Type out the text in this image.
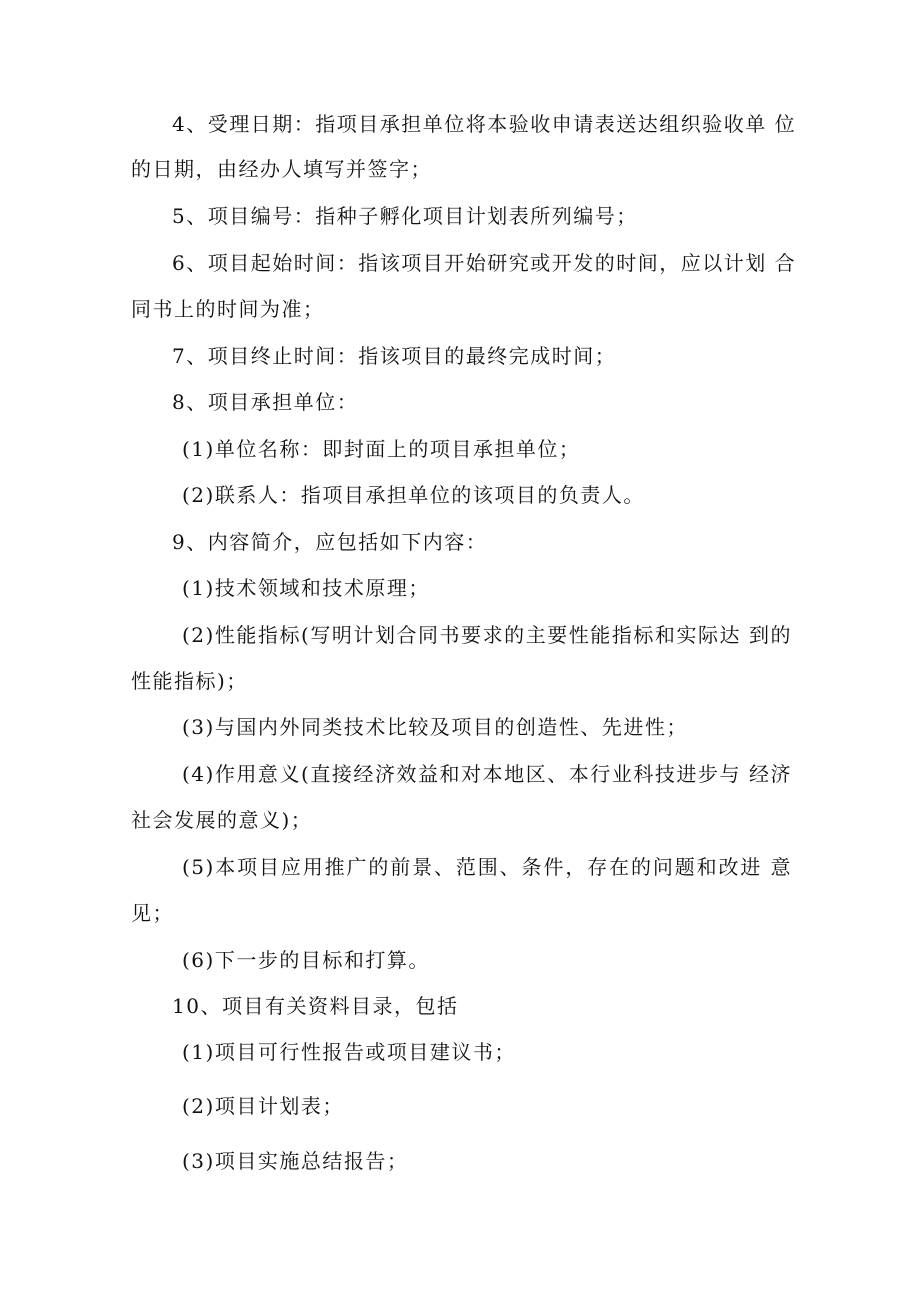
4、受理日期：指项目承担单位将本验收申请表送达组织验收单 位
的日期，由经办人填写并签字；
5、项目编号：指种子孵化项目计划表所列编号；
6、项目起始时间：指该项目开始研究或开发的时间，应以计划 合
同书上的时间为准；
7、项目终止时间：指该项目的最终完成时间；
8、项目承担单位：
(1)单位名称：即封面上的项目承担单位；
(2)联系人：指项目承担单位的该项目的负责人。
9、内容简介，应包括如下内容：
(1)技术领域和技术原理；
(2)性能指标(写明计划合同书要求的主要性能指标和实际达 到的
性能指标)；
(3)与国内外同类技术比较及项目的创造性、先进性；
(4)作用意义(直接经济效益和对本地区、本行业科技进步与 经济
社会发展的意义)；
(5)本项目应用推广的前景、范围、条件，存在的问题和改进 意
见；
(6)下一步的目标和打算。
10、项目有关资料目录，包括
(1)项目可行性报告或项目建议书；
(2)项目计划表；
(3)项目实施总结报告；
